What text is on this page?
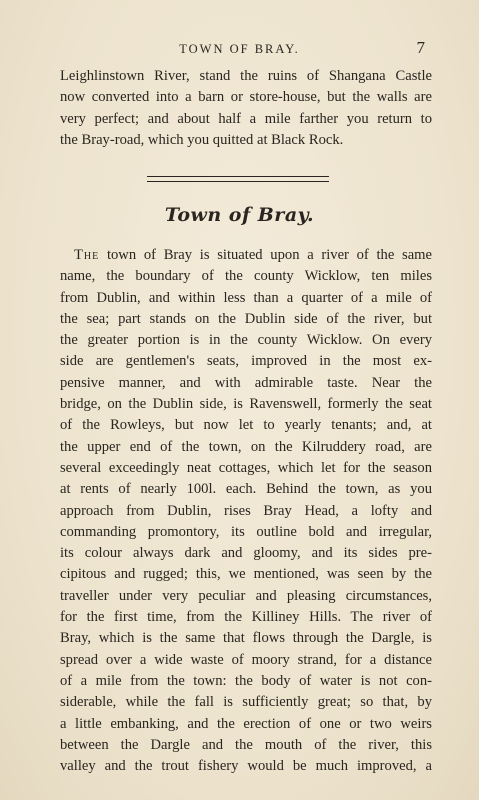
TOWN OF BRAY.	7
Leighlinstown River, stand the ruins of Shangana Castle
now converted into a barn or store-house, but the walls are
very perfect; and about half a mile farther you return to
the Bray-road, which you quitted at Black Rock.
Town of Bray.
The town of Bray is situated upon a river of the same
name, the boundary of the county Wicklow, ten miles
from Dublin, and within less than a quarter of a mile of
the sea; part stands on the Dublin side of the river, but
the greater portion is in the county Wicklow. On every
side are gentlemen's seats, improved in the most ex-
pensive manner, and with admirable taste. Near the
bridge, on the Dublin side, is Ravenswell, formerly the seat
of the Rowleys, but now let to yearly tenants; and, at
the upper end of the town, on the Kilruddery road, are
several exceedingly neat cottages, which let for the season
at rents of nearly 100l. each. Behind the town, as you
approach from Dublin, rises Bray Head, a lofty and
commanding promontory, its outline bold and irregular,
its colour always dark and gloomy, and its sides pre-
cipitous and rugged; this, we mentioned, was seen by the
traveller under very peculiar and pleasing circumstances,
for the first time, from the Killiney Hills. The river of
Bray, which is the same that flows through the Dargle, is
spread over a wide waste of moory strand, for a distance
of a mile from the town: the body of water is not con-
siderable, while the fall is sufficiently great; so that, by
a little embanking, and the erection of one or two weirs
between the Dargle and the mouth of the river, this
valley and the trout fishery would be much improved, a
